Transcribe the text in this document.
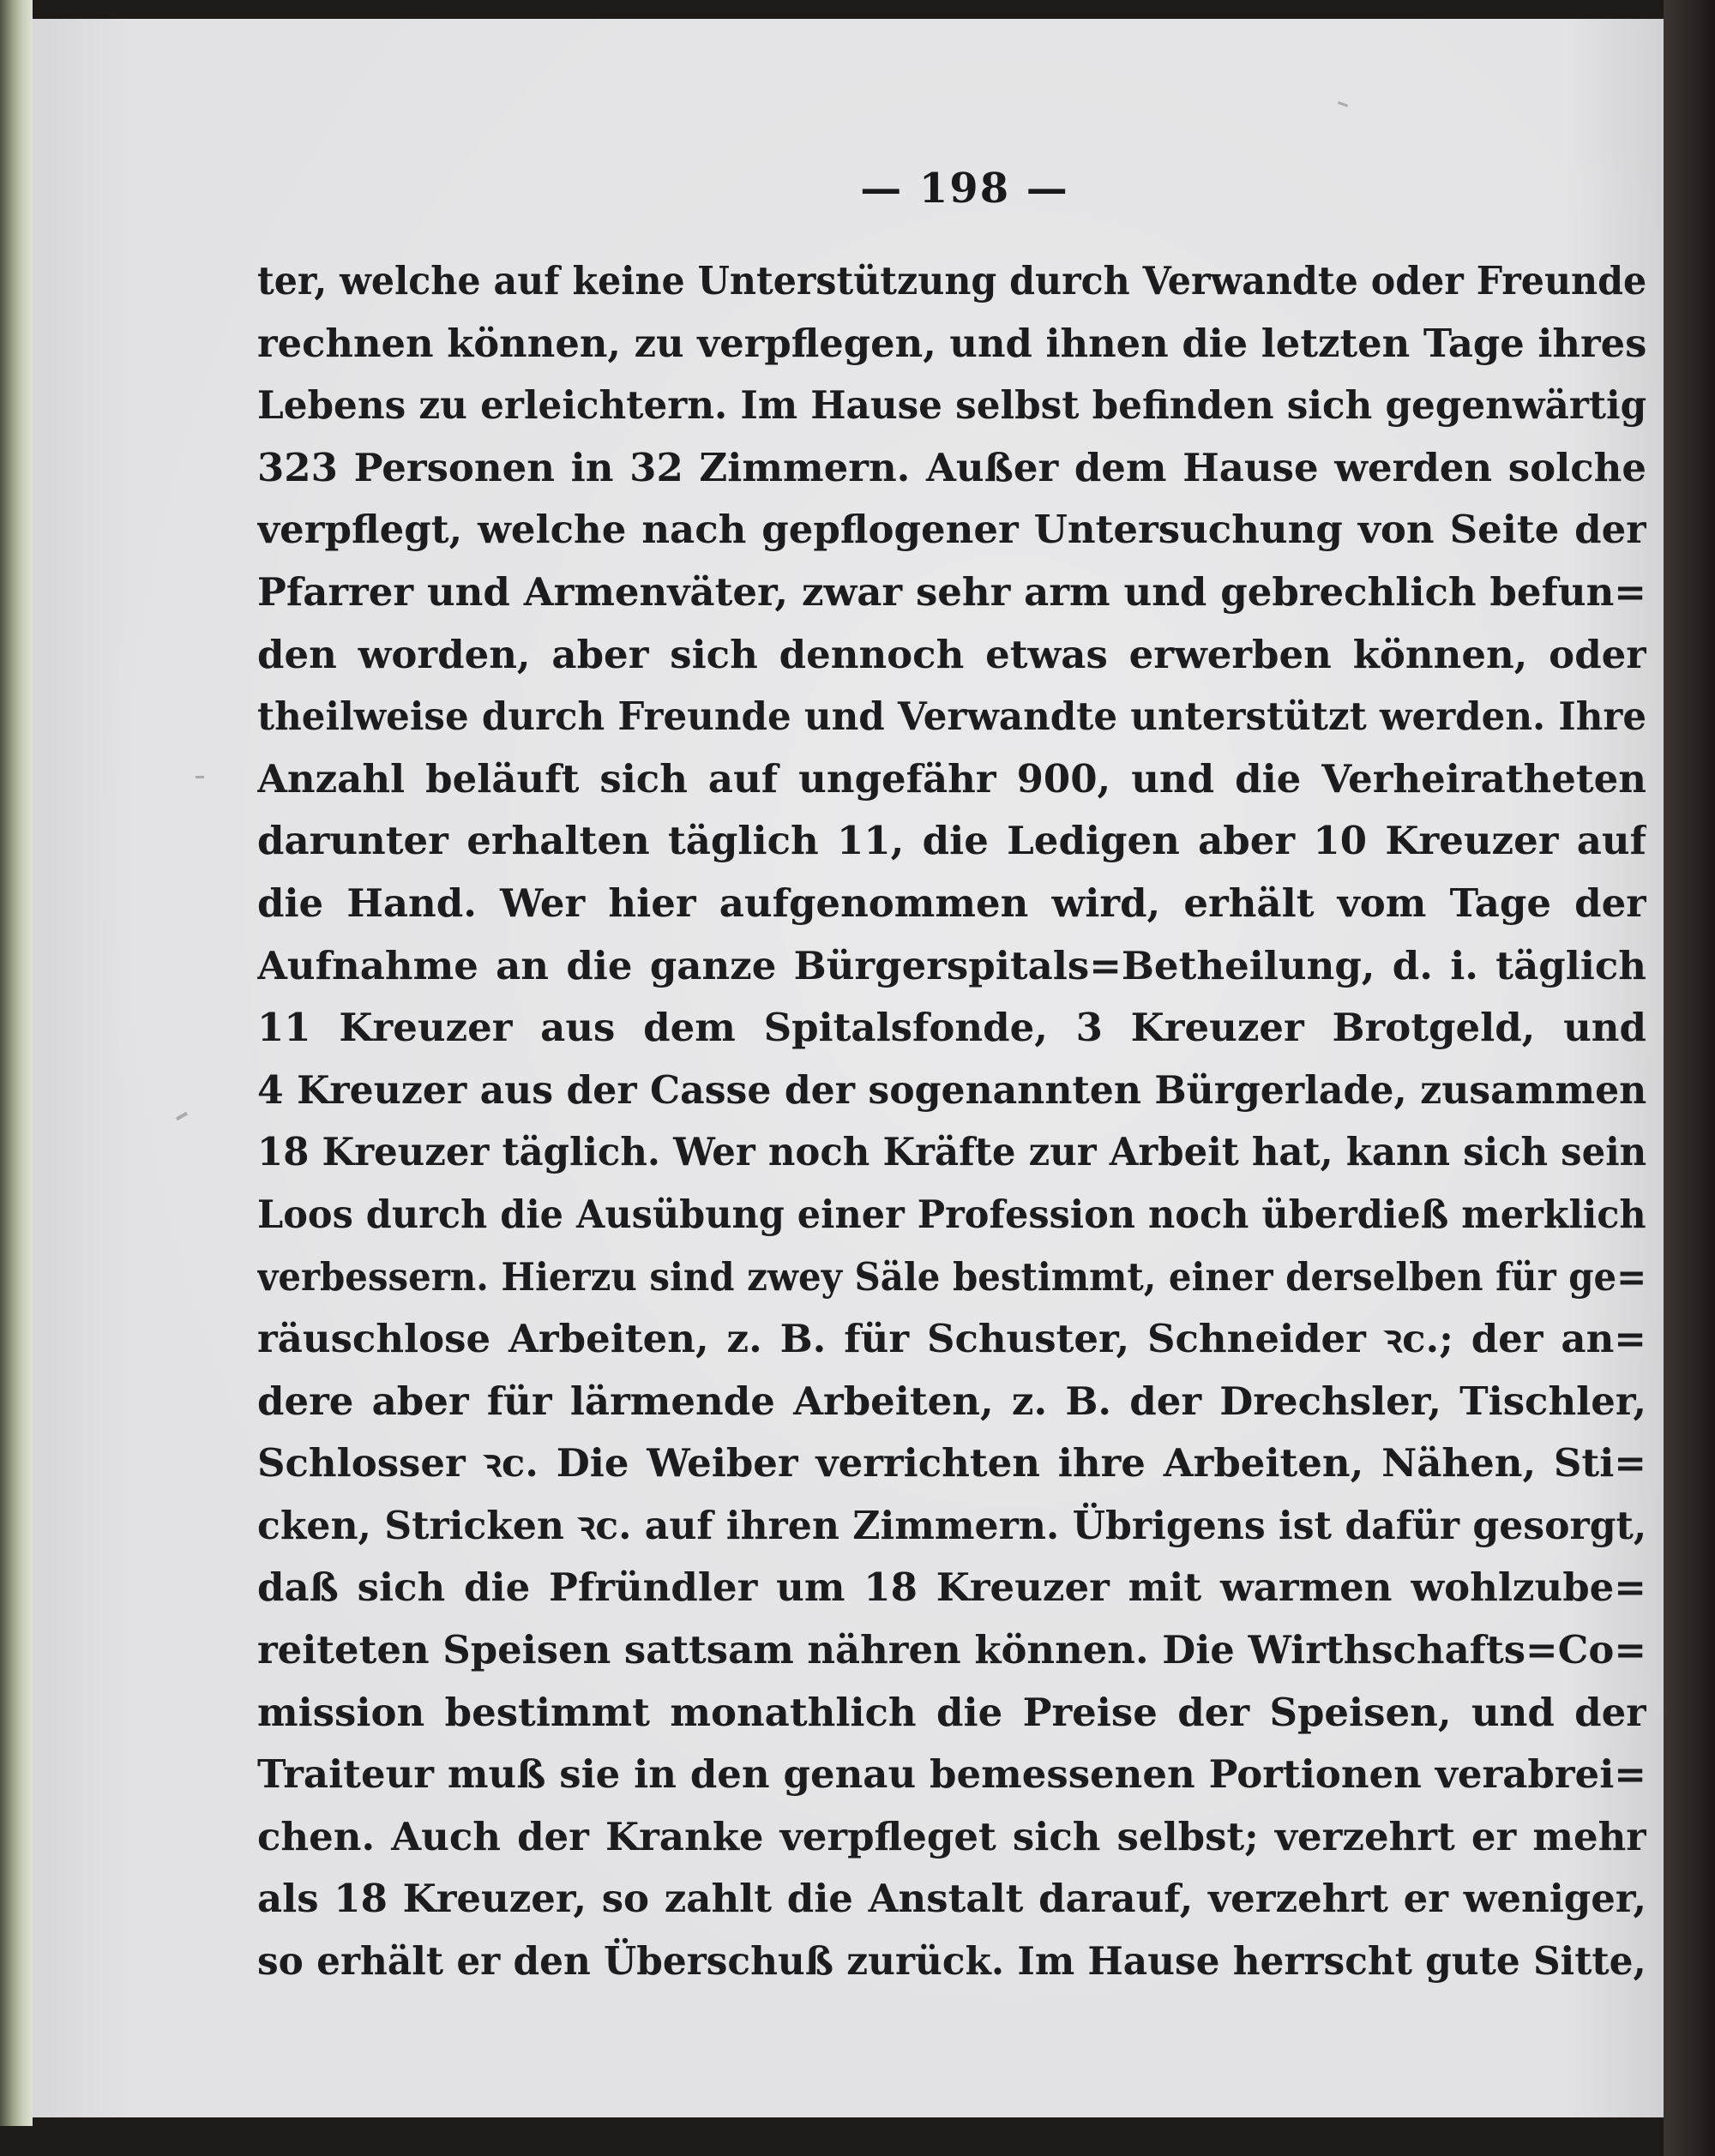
— 198 —
ter, welche auf keine Unterstützung durch Verwandte oder Freunde
rechnen können, zu verpflegen, und ihnen die letzten Tage ihres
Lebens zu erleichtern. Im Hause selbst befinden sich gegenwärtig
323 Personen in 32 Zimmern. Außer dem Hause werden solche
verpflegt, welche nach gepflogener Untersuchung von Seite der
Pfarrer und Armenväter, zwar sehr arm und gebrechlich befun=
den worden, aber sich dennoch etwas erwerben können, oder
theilweise durch Freunde und Verwandte unterstützt werden. Ihre
Anzahl beläuft sich auf ungefähr 900, und die Verheiratheten
darunter erhalten täglich 11, die Ledigen aber 10 Kreuzer auf
die Hand. Wer hier aufgenommen wird, erhält vom Tage der
Aufnahme an die ganze Bürgerspitals=Betheilung, d. i. täglich
11 Kreuzer aus dem Spitalsfonde, 3 Kreuzer Brotgeld, und
4 Kreuzer aus der Casse der sogenannten Bürgerlade, zusammen
18 Kreuzer täglich. Wer noch Kräfte zur Arbeit hat, kann sich sein
Loos durch die Ausübung einer Profession noch überdieß merklich
verbessern. Hierzu sind zwey Säle bestimmt, einer derselben für ge=
räuschlose Arbeiten, z. B. für Schuster, Schneider ꝛc.; der an=
dere aber für lärmende Arbeiten, z. B. der Drechsler, Tischler,
Schlosser ꝛc. Die Weiber verrichten ihre Arbeiten, Nähen, Sti=
cken, Stricken ꝛc. auf ihren Zimmern. Übrigens ist dafür gesorgt,
daß sich die Pfründler um 18 Kreuzer mit warmen wohlzube=
reiteten Speisen sattsam nähren können. Die Wirthschafts=Co=
mission bestimmt monathlich die Preise der Speisen, und der
Traiteur muß sie in den genau bemessenen Portionen verabrei=
chen. Auch der Kranke verpfleget sich selbst; verzehrt er mehr
als 18 Kreuzer, so zahlt die Anstalt darauf, verzehrt er weniger,
so erhält er den Überschuß zurück. Im Hause herrscht gute Sitte,
